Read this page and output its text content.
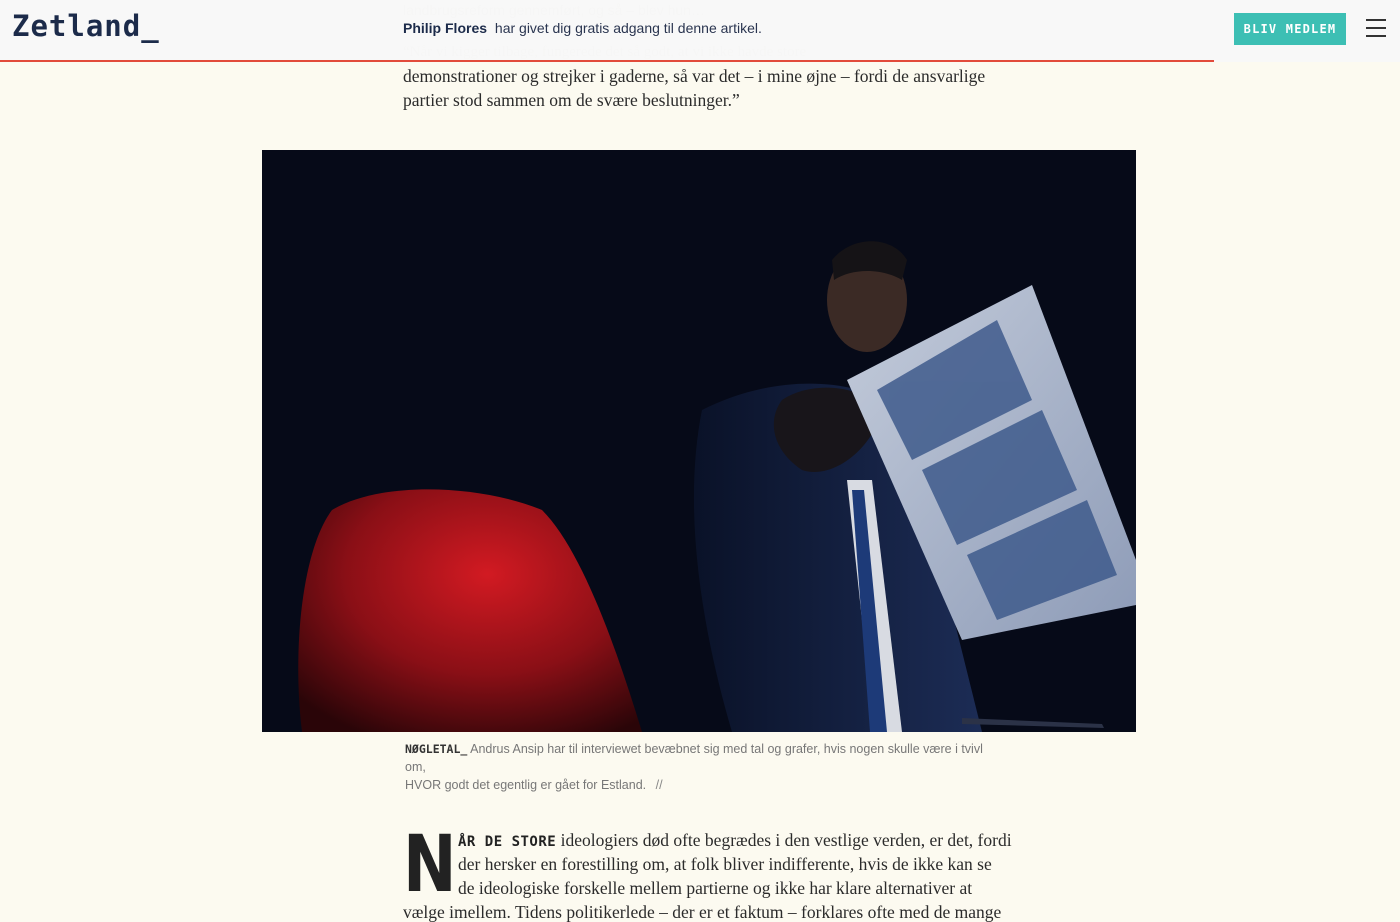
Zetland_	Philip Flores har givet dig gratis adgang til denne artikel.	BLIV MEDLEM
demonstrationer og strejker i gaderne, så var det – i mine øjne – fordi de ansvarlige
partier stod sammen om de svære beslutninger.”
NØGLETAL_ Andrus Ansip har til interviewet bevæbnet sig med tal og grafer, hvis nogen skulle være i tvivl om,
HVOR godt det egentlig er gået for Estland. //
N ÅR DE STORE ideologiers død ofte begrædes i den vestlige verden, er det, fordi
der hersker en forestilling om, at folk bliver indifferente, hvis de ikke kan se
de ideologiske forskelle mellem partierne og ikke har klare alternativer at
vælge imellem. Tidens politikerlede – der er et faktum – forklares ofte med de mange
